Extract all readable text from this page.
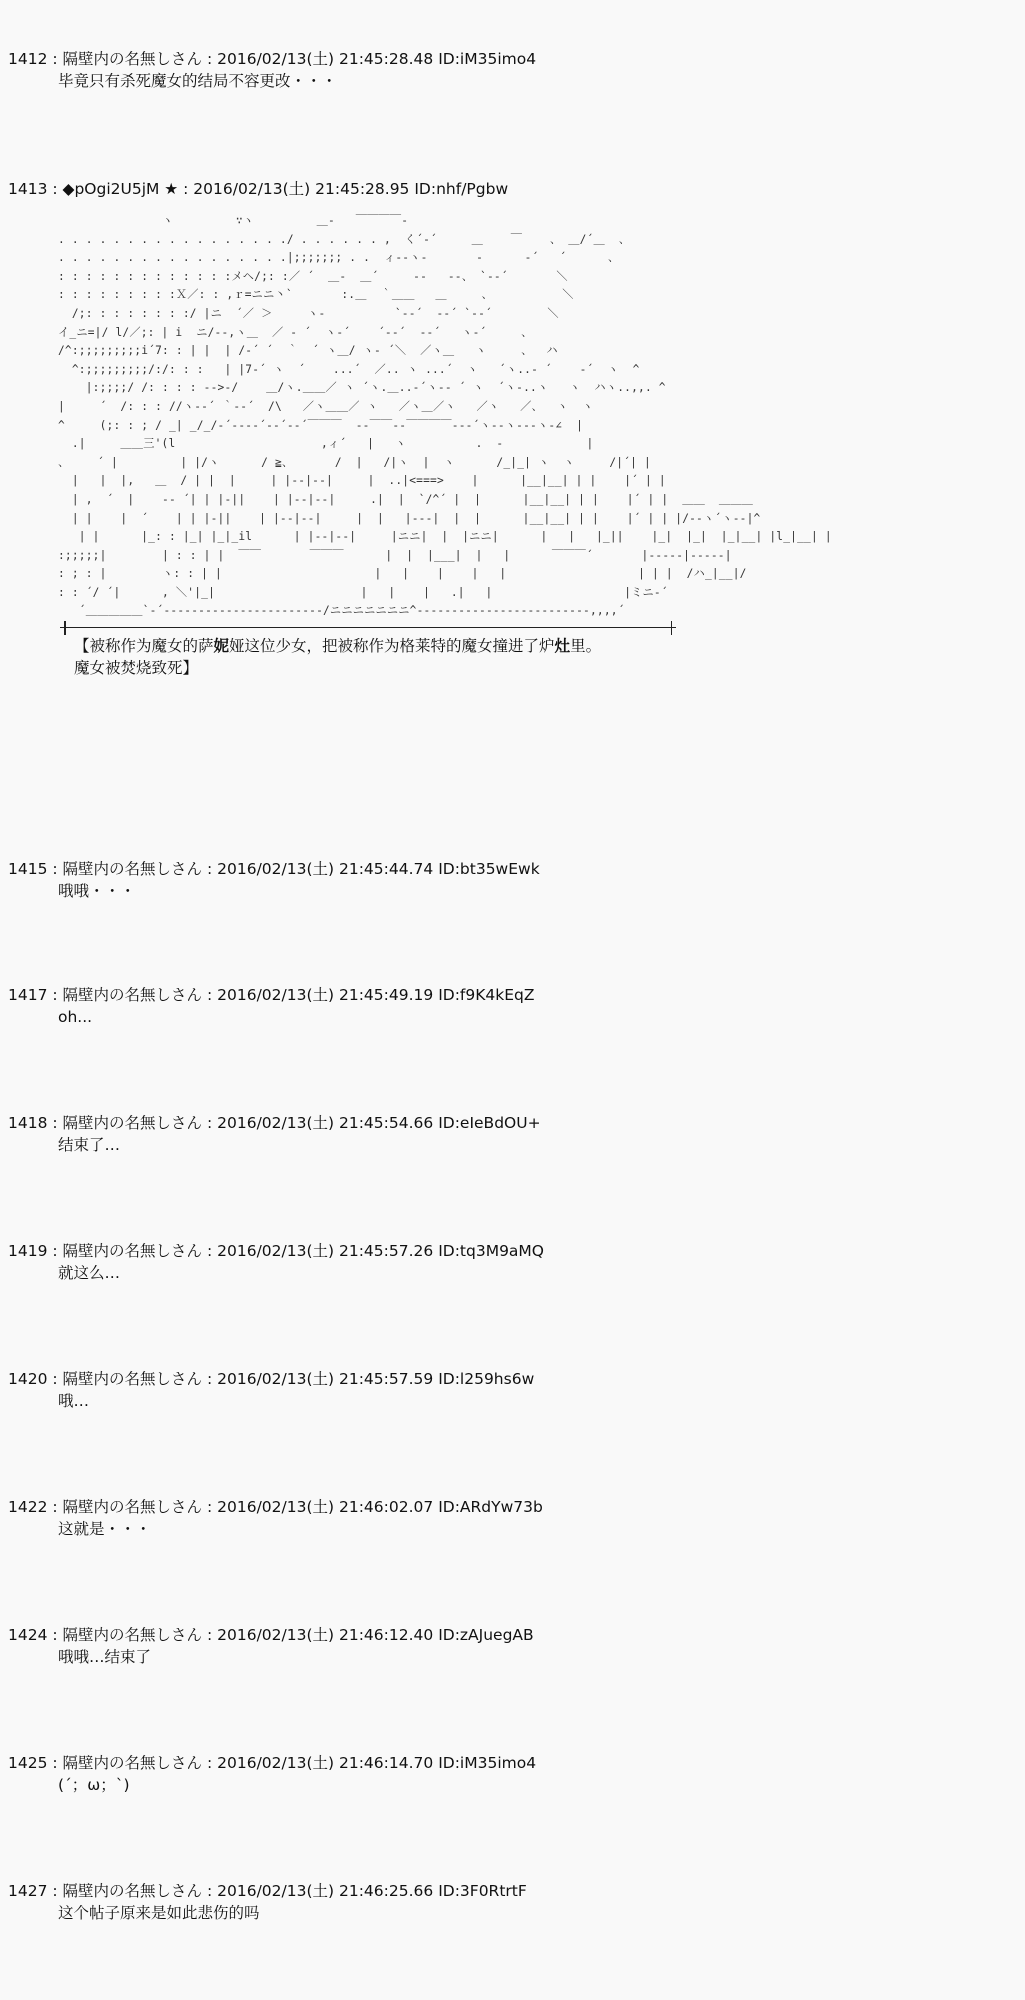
1412 : 隔壁内の名無しさん : 2016/02/13(土) 21:45:28.48 ID:iM35imo4
毕竟只有杀死魔女的结局不容更改・・・
1413 : ◆pOgi2U5jM ★ : 2016/02/13(土) 21:45:28.95 ID:nhf/Pgbw
ヽ         ∵ヽ         ＿-   ￣￣￣￣-
. . . . . . . . . . . . . . . . ./ . . . . . . ,  く´-´     ＿    ￣    、 ＿/´＿  、
. . . . . . . . . . . . . . . . .|;;;;;;; . .  ィ-‐ヽ‐       ‐      ‐´   ´      、
: : : : : : : : : : : : :メヘ/;: :／ ´  ＿‐  ＿´     ‐‐   ‐‐、 `‐‐´       ＼
: : : : : : : : :Ｘ／: : ,ｒ=ニニ丶`       :.＿  ｀＿＿   ＿     、          ＼
/;: : : : : : : :/ |ニ  ´／ ＞     ヽ‐          `‐‐´  ‐‐´ `‐‐´        ＼
イ_ニ=|/ l/／;: | i  ニ/‐‐,ヽ＿  ／ ‐ ´  ヽ‐´    ´‐‐´  ‐‐´   ヽ‐´     、
/^:;;;;;;;;;i´7: : | |  | /‐´ ´  ｀  ´ ヽ＿/ ヽ‐ ´＼  ／ヽ＿   ヽ     、  ハ
^:;;;;;;;;;/:/: : :   | |7‐´ ヽ  ´    ...´  ／.. ヽ ...´  ヽ   ´ヽ..‐ ´    ‐´  ヽ  ^
|:;;;;/ /: : : : ‐‐>‐/    ＿/ヽ.＿＿／ ヽ ´ヽ.＿..‐´ヽ‐‐ ´ ヽ  ´ヽ‐..ヽ   ヽ  ハヽ..,,. ^
|     ´  /: : : //ヽ‐‐´ ｀‐‐´  /\   ／ヽ＿＿／ ヽ   ／ヽ＿／ヽ   ／ヽ   ／、  ヽ  ヽ
^     (;: : ; / _| _/_/‐´‐‐‐‐´‐‐´‐‐´￣￣￣  ‐‐￣￣‐‐￣￣￣￣‐‐‐´ヽ‐‐ヽ‐‐‐ヽ‐∠  |
.|     ＿＿三'(l                     ,ィ´   |   ヽ          .  ‐            |
、    ´ |         | |/ヽ      / ≧、      /  |   /|ヽ  |  ヽ      /_|_| ヽ  ヽ     /|´| |
|   |  |,   ＿  / | |  |     | |‐‐|‐‐|     |  ..|<===>    |      |__|__| | |    |´ | |
| ,  ´  |    ‐‐ ´| | |‐||    | |‐‐|‐‐|     .|  |  `/^´ |  |      |__|__| | |    |´ | |  ＿＿  ＿＿＿
| |    |  ´    | | |‐||    | |‐‐|‐‐|     |  |   |‐‐‐|  |  |      |__|__| | |    |´ | | |/‐‐ヽ´ヽ‐‐|^
| |      |_: : |_| |_|_il      | |‐‐|‐‐|     |ニニ|  |  |ニニ|      |   |   |_||    |_|  |_|  |_|__| |l_|__| |
:;;;;;|        | : : | |  ￣￣       ￣￣￣      |  |  |___|  |   |      ￣￣￣´       |‐‐‐‐‐|‐‐‐‐‐|
: ; : |        ヽ: : | |                      |   |    |    |   |                   | | |  /ハ_|__|/
: : ´/ ´|      , ＼'|_|                     |   |    |   .|   |                   |ミニ‐´
´＿＿＿＿＿`‐´‐‐‐‐‐‐‐‐‐‐‐‐‐‐‐‐‐‐‐‐‐‐‐/ニニニニニニニ^‐‐‐‐‐‐‐‐‐‐‐‐‐‐‐‐‐‐‐‐‐‐‐‐‐,,,,´
【被称作为魔女的萨妮娅这位少女，把被称作为格莱特的魔女撞进了炉灶里。
魔女被焚烧致死】
1415 : 隔壁内の名無しさん : 2016/02/13(土) 21:45:44.74 ID:bt35wEwk
哦哦・・・
1417 : 隔壁内の名無しさん : 2016/02/13(土) 21:45:49.19 ID:f9K4kEqZ
oh...
1418 : 隔壁内の名無しさん : 2016/02/13(土) 21:45:54.66 ID:eIeBdOU+
结束了…
1419 : 隔壁内の名無しさん : 2016/02/13(土) 21:45:57.26 ID:tq3M9aMQ
就这么…
1420 : 隔壁内の名無しさん : 2016/02/13(土) 21:45:57.59 ID:l259hs6w
哦…
1422 : 隔壁内の名無しさん : 2016/02/13(土) 21:46:02.07 ID:ARdYw73b
这就是・・・
1424 : 隔壁内の名無しさん : 2016/02/13(土) 21:46:12.40 ID:zAJuegAB
哦哦…结束了
1425 : 隔壁内の名無しさん : 2016/02/13(土) 21:46:14.70 ID:iM35imo4
(´；ω；`)
1427 : 隔壁内の名無しさん : 2016/02/13(土) 21:46:25.66 ID:3F0RtrtF
这个帖子原来是如此悲伤的吗
